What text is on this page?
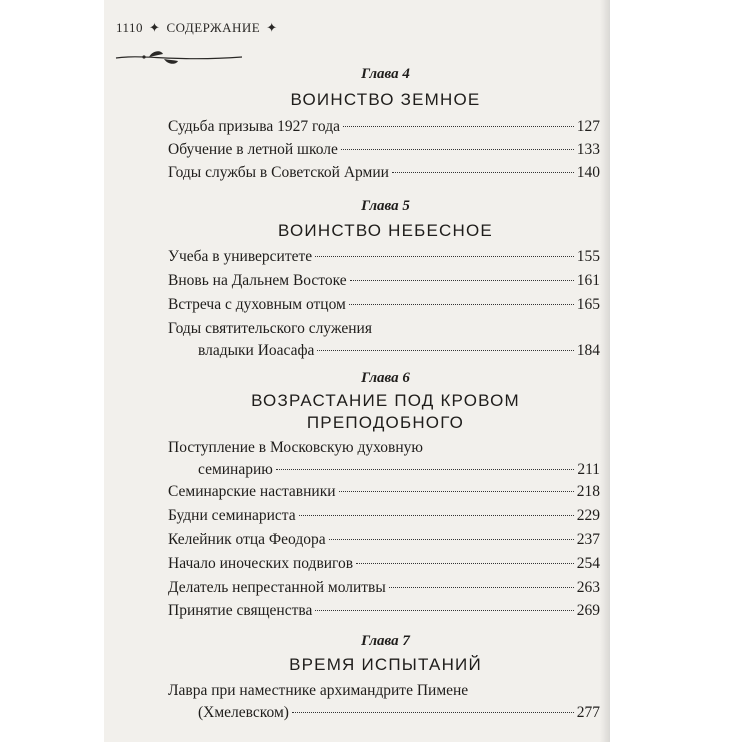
1110 ✦ СОДЕРЖАНИЕ ✦
Глава 4
ВОИНСТВО ЗЕМНОЕ
Судьба призыва 1927 года	127
Обучение в летной школе	133
Годы службы в Советской Армии	140
Глава 5
ВОИНСТВО НЕБЕСНОЕ
Учеба в университете	155
Вновь на Дальнем Востоке	161
Встреча с духовным отцом	165
Годы святительского служения
владыки Иоасафа	184
Глава 6
ВОЗРАСТАНИЕ ПОД КРОВОМ
ПРЕПОДОБНОГО
Поступление в Московскую духовную
семинарию	211
Семинарские наставники	218
Будни семинариста	229
Келейник отца Феодора	237
Начало иноческих подвигов	254
Делатель непрестанной молитвы	263
Принятие священства	269
Глава 7
ВРЕМЯ ИСПЫТАНИЙ
Лавра при наместнике архимандрите Пимене
(Хмелевском)	277
